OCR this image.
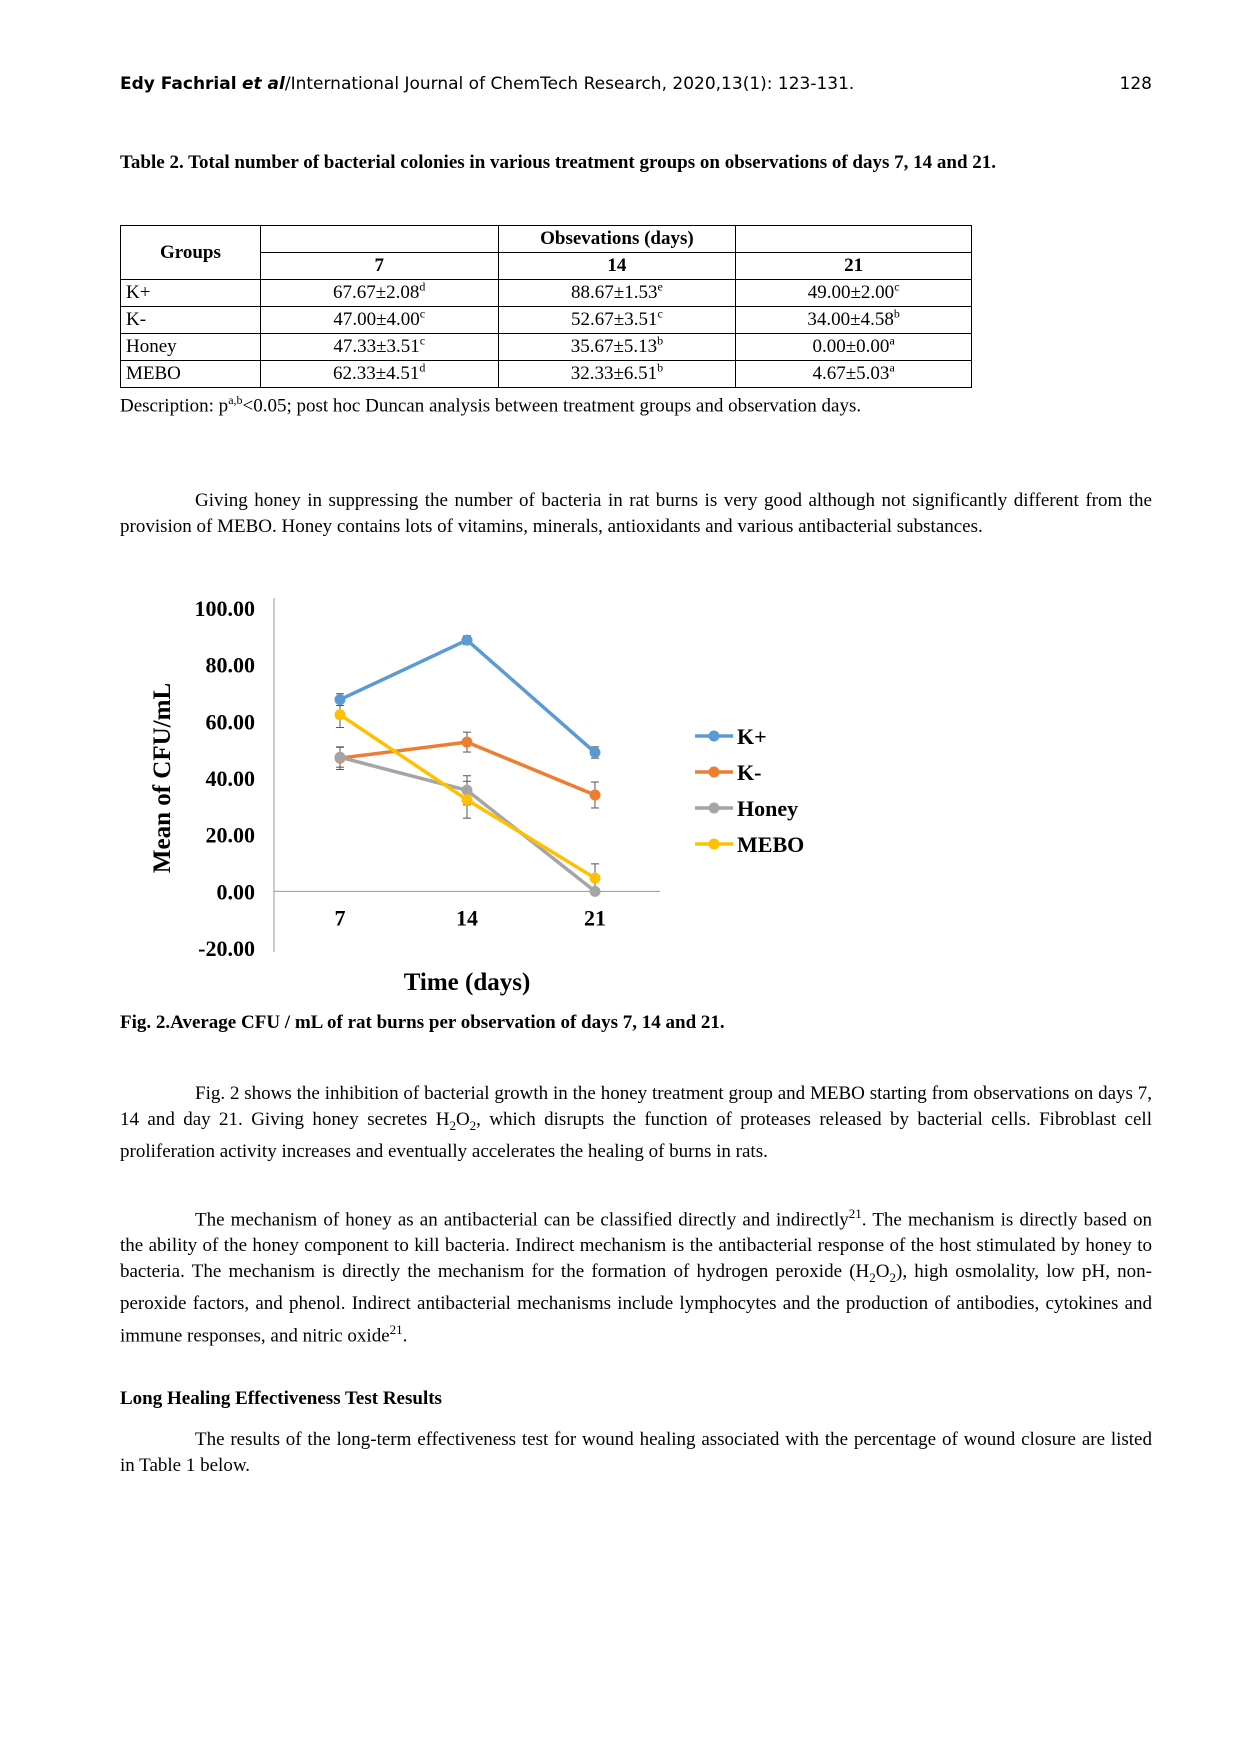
Edy Fachrial et al/International Journal of ChemTech Research, 2020,13(1): 123-131.	128
Table 2. Total number of bacterial colonies in various treatment groups on observations of days 7, 14 and 21.
Groups		Obsevations (days)	
	7	14	21
K+	67.67±2.08$^d$	88.67±1.53$^e$	49.00±2.00$^c$
K-	47.00±4.00$^c$	52.67±3.51$^c$	34.00±4.58$^b$
Honey	47.33±3.51$^c$	35.67±5.13$^b$	0.00±0.00$^a$
MEBO	62.33±4.51$^d$	32.33±6.51$^b$	4.67±5.03$^a$
Description: $p^{a,b}<0.05$; post hoc Duncan analysis between treatment groups and observation days.

Giving honey in suppressing the number of bacteria in rat burns is very good although not significantly different from the provision of MEBO. Honey contains lots of vitamins, minerals, antioxidants and various antibacterial substances.

100.00
80.00
60.00
40.00
20.00
0.00
-20.00
7	14	21
Mean of CFU/mL
Time (days)
K+
K-
Honey
MEBO
Fig. 2.Average CFU / mL of rat burns per observation of days 7, 14 and 21.

Fig. 2 shows the inhibition of bacterial growth in the honey treatment group and MEBO starting from observations on days 7, 14 and day 21. Giving honey secretes $H_2O_2$, which disrupts the function of proteases released by bacterial cells. Fibroblast cell proliferation activity increases and eventually accelerates the healing of burns in rats.

The mechanism of honey as an antibacterial can be classified directly and indirectly$^{21}$. The mechanism is directly based on the ability of the honey component to kill bacteria. Indirect mechanism is the antibacterial response of the host stimulated by honey to bacteria. The mechanism is directly the mechanism for the formation of hydrogen peroxide $(H_2O_2)$, high osmolality, low pH, non-peroxide factors, and phenol. Indirect antibacterial mechanisms include lymphocytes and the production of antibodies, cytokines and immune responses, and nitric oxide$^{21}$.

Long Healing Effectiveness Test Results

The results of the long-term effectiveness test for wound healing associated with the percentage of wound closure are listed in Table 1 below.
